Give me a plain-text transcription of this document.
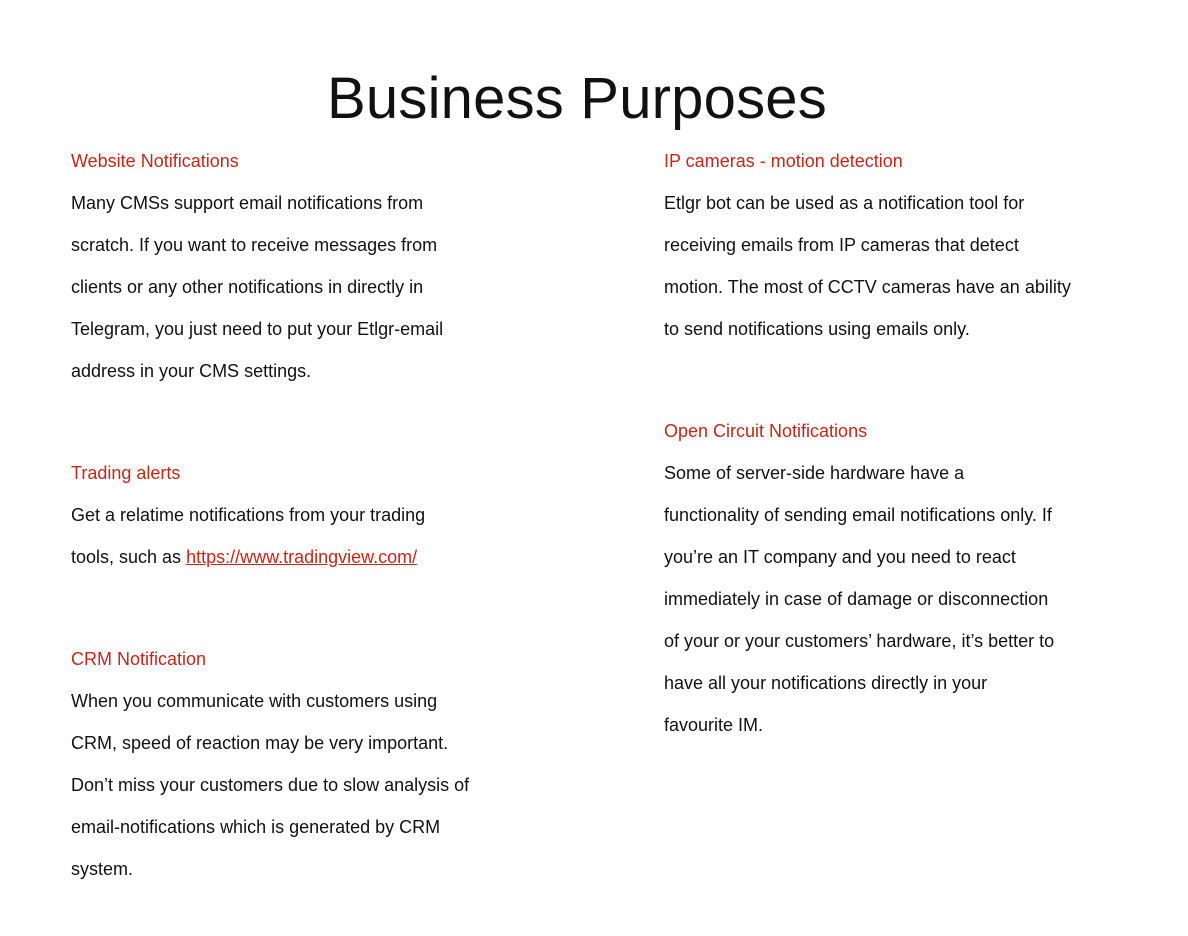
Business Purposes
Website Notifications
Many CMSs support email notifications from
scratch. If you want to receive messages from
clients or any other notifications in directly in
Telegram, you just need to put your Etlgr-email
address in your CMS settings.
Trading alerts
Get a relatime notifications from your trading
tools, such as https://www.tradingview.com/
CRM Notification
When you communicate with customers using
CRM, speed of reaction may be very important.
Don’t miss your customers due to slow analysis of
email-notifications which is generated by CRM
system.
IP cameras - motion detection
Etlgr bot can be used as a notification tool for
receiving emails from IP cameras that detect
motion. The most of CCTV cameras have an ability
to send notifications using emails only.
Open Circuit Notifications
Some of server-side hardware have a
functionality of sending email notifications only. If
you’re an IT company and you need to react
immediately in case of damage or disconnection
of your or your customers’ hardware, it’s better to
have all your notifications directly in your
favourite IM.
